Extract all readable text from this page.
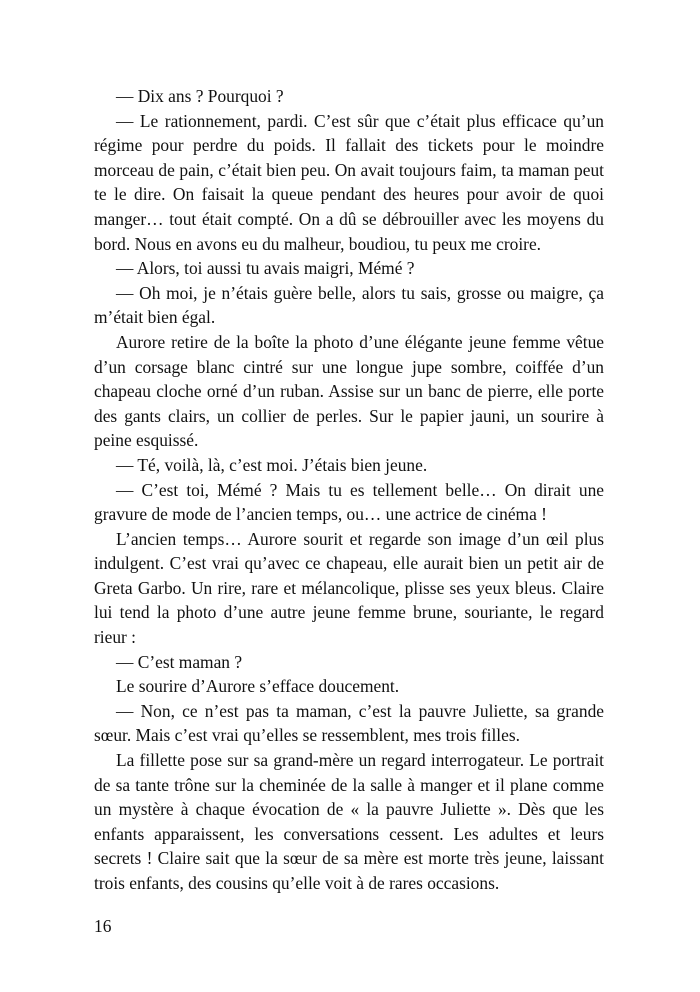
— Dix ans ? Pourquoi ?

— Le rationnement, pardi. C’est sûr que c’était plus efficace qu’un régime pour perdre du poids. Il fallait des tickets pour le moindre morceau de pain, c’était bien peu. On avait toujours faim, ta maman peut te le dire. On faisait la queue pendant des heures pour avoir de quoi manger… tout était compté. On a dû se débrouiller avec les moyens du bord. Nous en avons eu du malheur, boudiou, tu peux me croire.

— Alors, toi aussi tu avais maigri, Mémé ?

— Oh moi, je n’étais guère belle, alors tu sais, grosse ou maigre, ça m’était bien égal.

Aurore retire de la boîte la photo d’une élégante jeune femme vêtue d’un corsage blanc cintré sur une longue jupe sombre, coiffée d’un chapeau cloche orné d’un ruban. Assise sur un banc de pierre, elle porte des gants clairs, un collier de perles. Sur le papier jauni, un sourire à peine esquissé.

— Té, voilà, là, c’est moi. J’étais bien jeune.

— C’est toi, Mémé ? Mais tu es tellement belle… On dirait une gravure de mode de l’ancien temps, ou… une actrice de cinéma !

L’ancien temps… Aurore sourit et regarde son image d’un œil plus indulgent. C’est vrai qu’avec ce chapeau, elle aurait bien un petit air de Greta Garbo. Un rire, rare et mélancolique, plisse ses yeux bleus. Claire lui tend la photo d’une autre jeune femme brune, souriante, le regard rieur :

— C’est maman ?

Le sourire d’Aurore s’efface doucement.

— Non, ce n’est pas ta maman, c’est la pauvre Juliette, sa grande sœur. Mais c’est vrai qu’elles se ressemblent, mes trois filles.

La fillette pose sur sa grand-mère un regard interrogateur. Le portrait de sa tante trône sur la cheminée de la salle à manger et il plane comme un mystère à chaque évocation de « la pauvre Juliette ». Dès que les enfants apparaissent, les conversations cessent. Les adultes et leurs secrets ! Claire sait que la sœur de sa mère est morte très jeune, laissant trois enfants, des cousins qu’elle voit à de rares occasions.

16
